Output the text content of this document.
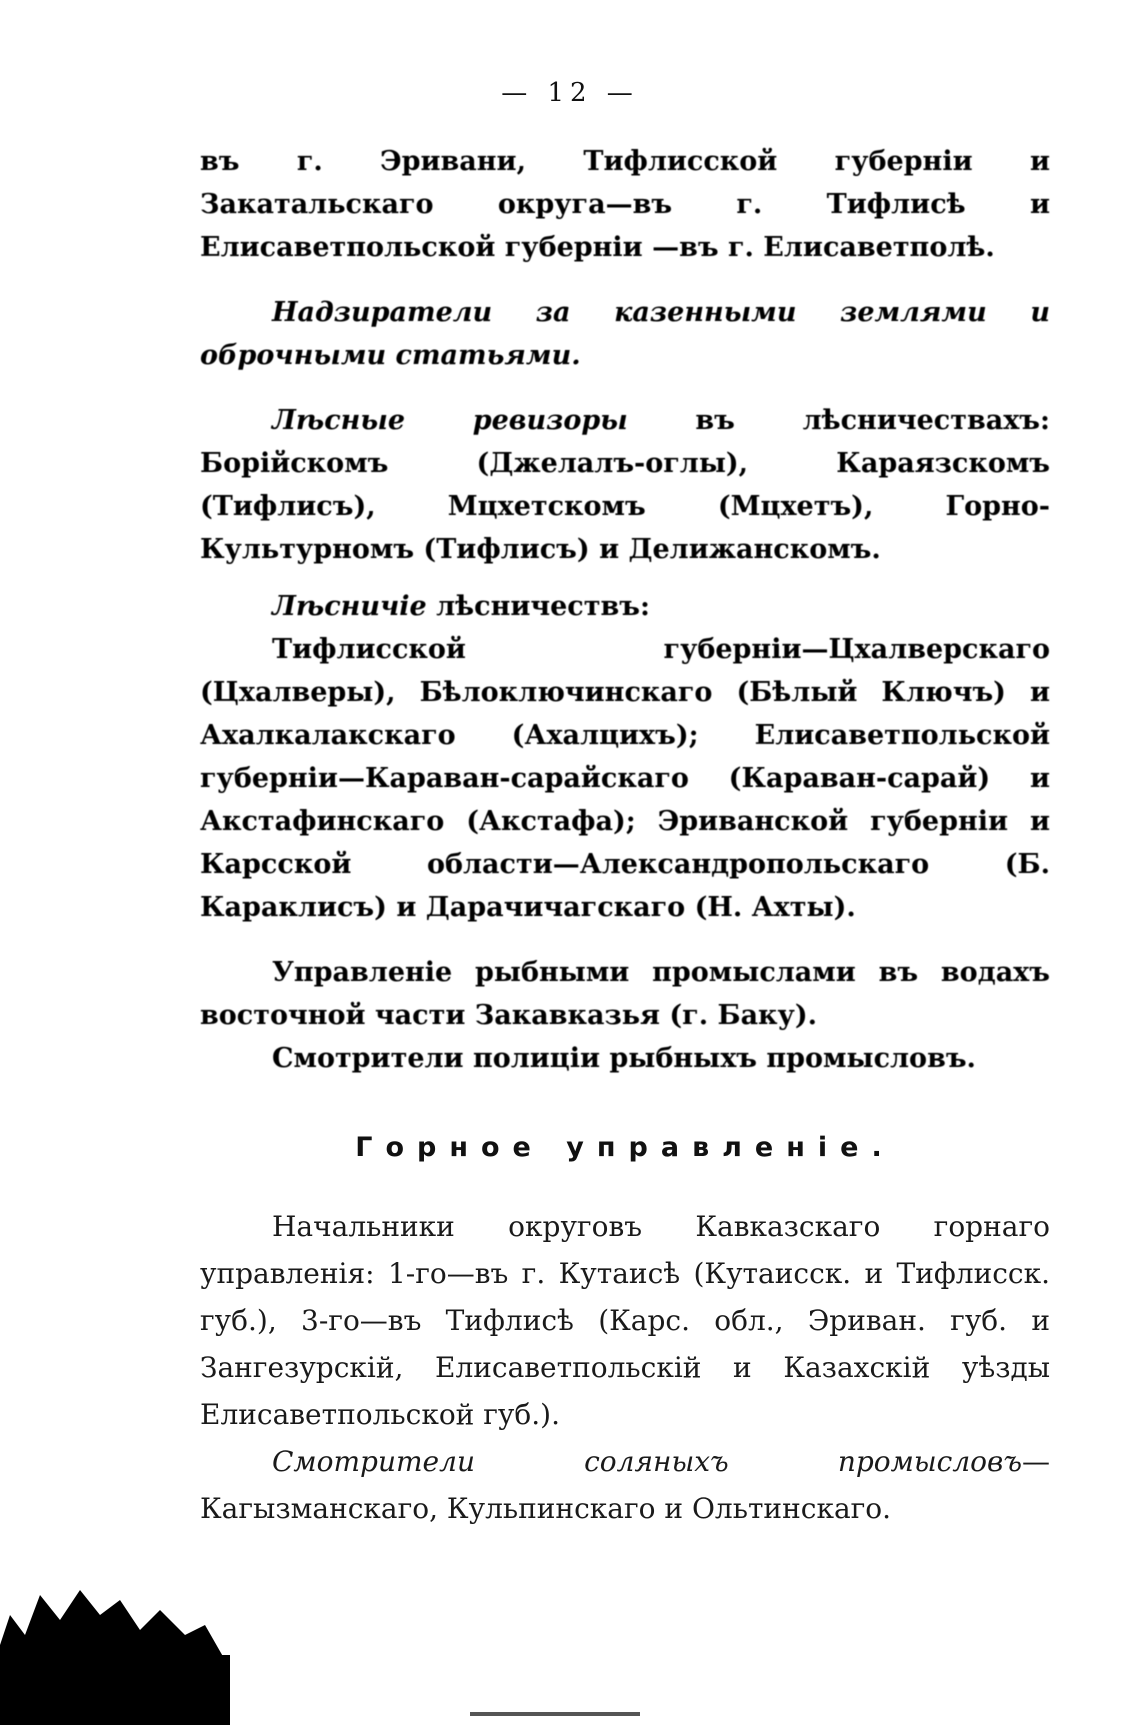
— 12 —

въ г. Эривани, Тифлисской губерніи и Закатальскаго округа—въ г. Тифлисѣ и Елисаветпольской губерніи —въ г. Елисаветполѣ.

Надзиратели за казенными землями и оброчными статьями.

Лѣсные ревизоры въ лѣсничествахъ: Борійскомъ (Джелалъ-оглы), Караязскомъ (Тифлисъ), Мцхетскомъ (Мцхетъ), Горно-Культурномъ (Тифлисъ) и Делижанскомъ.

Лѣсничіе лѣсничествъ:

Тифлисской губерніи—Цхалверскаго (Цхалверы), Бѣлоключинскаго (Бѣлый Ключъ) и Ахалкалакскаго (Ахалцихъ); Елисаветпольской губерніи—Караван-сарайскаго (Караван-сарай) и Акстафинскаго (Акстафа); Эриванской губерніи и Карсской области—Александропольскаго (Б. Караклисъ) и Дарачичагскаго (Н. Ахты).

Управленіе рыбными промыслами въ водахъ восточной части Закавказья (г. Баку).

Смотрители полиціи рыбныхъ промысловъ.

Горное управленіе.

Начальники округовъ Кавказскаго горнаго управленія: 1-го—въ г. Кутаисѣ (Кутаисск. и Тифлисск. губ.), 3-го—въ Тифлисѣ (Карс. обл., Эриван. губ. и Зангезурскій, Елисаветпольскій и Казахскій уѣзды Елисаветпольской губ.).

Смотрители соляныхъ промысловъ—Кагызманскаго, Кульпинскаго и Ольтинскаго.
